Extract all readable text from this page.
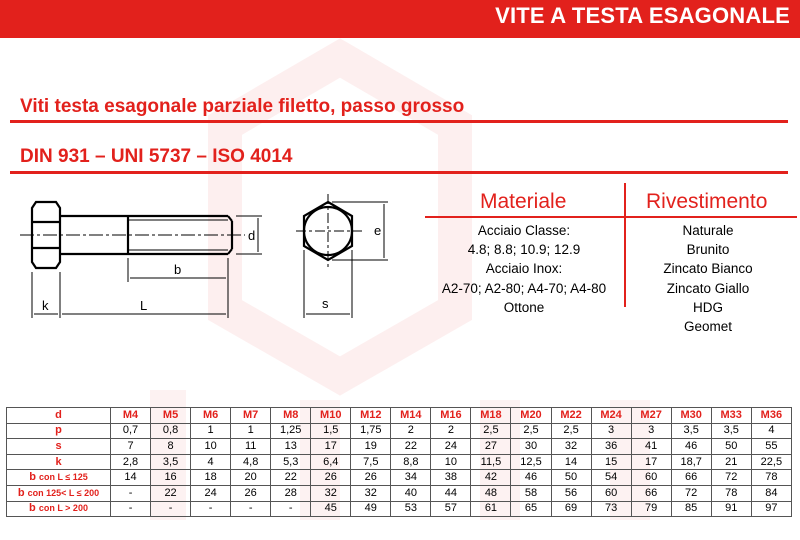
VITE A TESTA ESAGONALE
Viti testa esagonale parziale filetto, passo grosso
DIN 931 – UNI 5737 – ISO 4014
d
b
k	L
e
s
Materiale	Rivestimento
Acciaio Classe:
4.8; 8.8; 10.9; 12.9
Acciaio Inox:
A2-70; A2-80; A4-70; A4-80
Ottone
Naturale
Brunito
Zincato Bianco
Zincato Giallo
HDG
Geomet
d	M4	M5	M6	M7	M8	M10	M12	M14	M16	M18	M20	M22	M24	M27	M30	M33	M36
p	0,7	0,8	1	1	1,25	1,5	1,75	2	2	2,5	2,5	2,5	3	3	3,5	3,5	4
s	7	8	10	11	13	17	19	22	24	27	30	32	36	41	46	50	55
k	2,8	3,5	4	4,8	5,3	6,4	7,5	8,8	10	11,5	12,5	14	15	17	18,7	21	22,5
b con L ≤ 125	14	16	18	20	22	26	26	34	38	42	46	50	54	60	66	72	78
b con 125< L ≤ 200	-	22	24	26	28	32	32	40	44	48	58	56	60	66	72	78	84
b con L > 200	-	-	-	-	-	45	49	53	57	61	65	69	73	79	85	91	97
